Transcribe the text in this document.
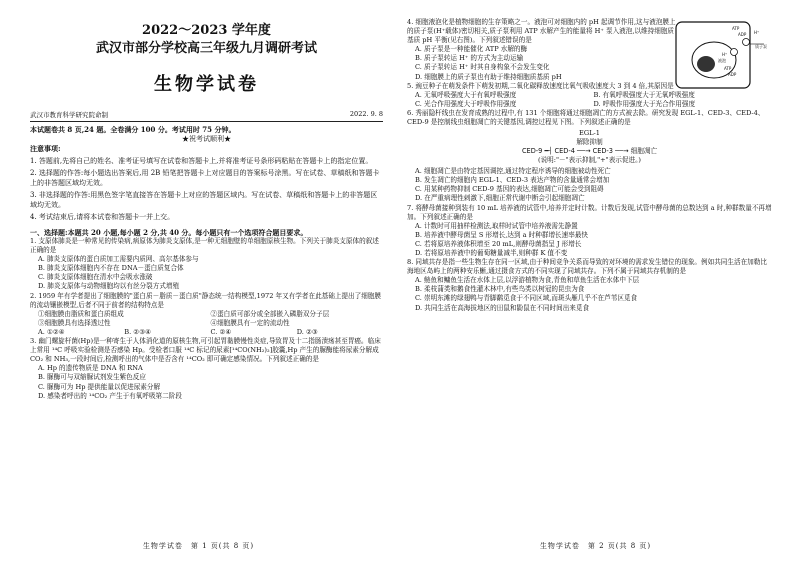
2022～2023 学年度
武汉市部分学校高三年级九月调研考试
生物学试卷
武汉市教育科学研究院命制	2022. 9. 8
本试题卷共 8 页,24 题。全卷满分 100 分。考试用时 75 分钟。
★祝考试顺利★
注意事项:
1. 答题前,先将自己的姓名、准考证号填写在试卷和答题卡上,并将准考证号条形码粘贴在答题卡上的指定位置。
2. 选择题的作答:每小题选出答案后,用 2B 铅笔把答题卡上对应题目的答案标号涂黑。写在试卷、草稿纸和答题卡上的非答题区域均无效。
3. 非选择题的作答:用黑色签字笔直接答在答题卡上对应的答题区域内。写在试卷、草稿纸和答题卡上的非答题区域均无效。
4. 考试结束后,请将本试卷和答题卡一并上交。
一、选择题:本题共 20 小题,每小题 2 分,共 40 分。每小题只有一个选项符合题目要求。
1. 支原体肺炎是一种常见的传染病,病原体为肺炎支原体,是一种无细胞壁的单细胞原核生物。下列关于肺炎支原体的叙述正确的是
A. 肺炎支原体的蛋白质加工需要内质网、高尔基体参与
B. 肺炎支原体细胞内不存在 DNA－蛋白质复合体
C. 肺炎支原体细胞在清水中会吸水涨破
D. 肺炎支原体与动物细胞均以有丝分裂方式增殖
2. 1959 年有学者提出了细胞膜的"蛋白质－脂质－蛋白质"静态统一结构模型,1972 年又有学者在此基础上提出了细胞膜的流动镶嵌模型,后者不同于前者的结构特点是
①细胞膜由脂质和蛋白质组成	②蛋白质可部分或全部嵌入磷脂双分子层
③细胞膜具有选择透过性	④细胞膜具有一定的流动性
A. ①②④	B. ②③④	C. ②④	D. ②③
3. 幽门螺旋杆菌(Hp)是一种寄生于人体消化道的原核生物,可引起胃黏膜慢性炎症,导致胃及十二指肠溃疡甚至胃癌。临床上常用 ¹⁴C 呼吸实验检测是否感染 Hp。受检者口服 ¹⁴C 标记的尿素[¹⁴CO(NH₂)₂]胶囊,Hp 产生的脲酶能将尿素分解成 CO₂ 和 NH₃,一段时间后,检测呼出的气体中是否含有 ¹⁴CO₂ 即可确定感染情况。下列叙述正确的是
A. Hp 的遗传物质是 DNA 和 RNA
B. 脲酶可与双缩脲试剂发生紫色反应
C. 脲酶可为 Hp 提供能量以促进尿素分解
D. 感染者呼出的 ¹⁴CO₂ 产生于有氧呼吸第二阶段
生物学试卷　第 1 页(共 8 页)
4. 细胞液泡化是植物细胞的生存策略之一。液泡可对细胞内的 pH 起调节作用,这与液泡膜上的质子泵(H⁺载体)密切相关,质子泵利用 ATP 水解产生的能量将 H⁺ 泵入液泡,以维持细胞质基质 pH 平衡(见右图)。下列叙述错误的是
A. 质子泵是一种能催化 ATP 水解的酶
B. 质子泵转运 H⁺ 的方式为主动运输
C. 质子泵转运 H⁺ 时其自身构象不会发生变化
D. 细胞膜上的质子泵也有助于维持细胞质基质 pH
ATP
ADP
ATP
ADP
H⁺
H⁺
液泡
质子泵
5. 豌豆种子在萌发条件下萌发初期,二氧化碳释放速度比氧气吸收速度大 3 到 4 倍,其原因是
A. 无氧呼吸强度大于有氧呼吸强度	B. 有氧呼吸强度大于无氧呼吸强度
C. 光合作用强度大于呼吸作用强度	D. 呼吸作用强度大于光合作用强度
6. 秀丽隐杆线虫在发育成熟的过程中,有 131 个细胞将通过细胞凋亡的方式被去除。研究发现 EGL-1、CED-3、CED-4、CED-9 是控制线虫细胞凋亡的关键基因,调控过程见下图。下列叙述正确的是
EGL-1
解除抑制
CED-9 ━┤ CED-4 ──→ CED-3 ──→ 细胞凋亡
(说明:"－"表示抑制,"+"表示促进。)
A. 细胞凋亡是由特定基因调控,通过特定程序诱导的细胞被动性死亡
B. 发生凋亡的细胞内 EGL-1、CED-3 表达产物的含量通常会增加
C. 用某种药物抑制 CED-9 基因的表达,细胞凋亡可能会受到阻碍
D. 在严重病理性刺激下,细胞正常代谢中断会引起细胞凋亡
7. 将酵母菌接种到装有 10 mL 培养液的试管中,培养并定时计数。计数后发现,试管中酵母菌的总数达到 a 时,种群数量不再增加。下列叙述正确的是
A. 计数时可用抽样检测法,取样时试管中培养液需先静置
B. 培养液中酵母菌呈 S 形增长,达到 a 时种群增长速率最快
C. 若将原培养液体积增至 20 mL,则酵母菌指呈 J 形增长
D. 若将原培养液中的葡萄糖量减半,则种群 K 值不变
8. 同域共存是指一些生物生存在同一区域,由于种间竞争关系而导致的对环境的需求发生错位的现象。例如共同生活在加勒比海地区岛屿上的两种安乐蜥,通过摄食方式的不同实现了同域共存。下列不属于同域共存机制的是
A. 鲢鱼和鳙鱼生活在水体上层,以浮游植物为食,青鱼和草鱼生活在水体中下层
B. 柔枝蒲类和鹅食性灌木林中,有些鸟类以树冠的昆虫为食
C. 崇明东滩的绿翅鸭与青脚鹬觅食于不同区域,而斑头雁几乎不在芦苇区觅食
D. 共同生活在高海拔地区的田鼠和鼢鼠在不同时间出来觅食
生物学试卷　第 2 页(共 8 页)
